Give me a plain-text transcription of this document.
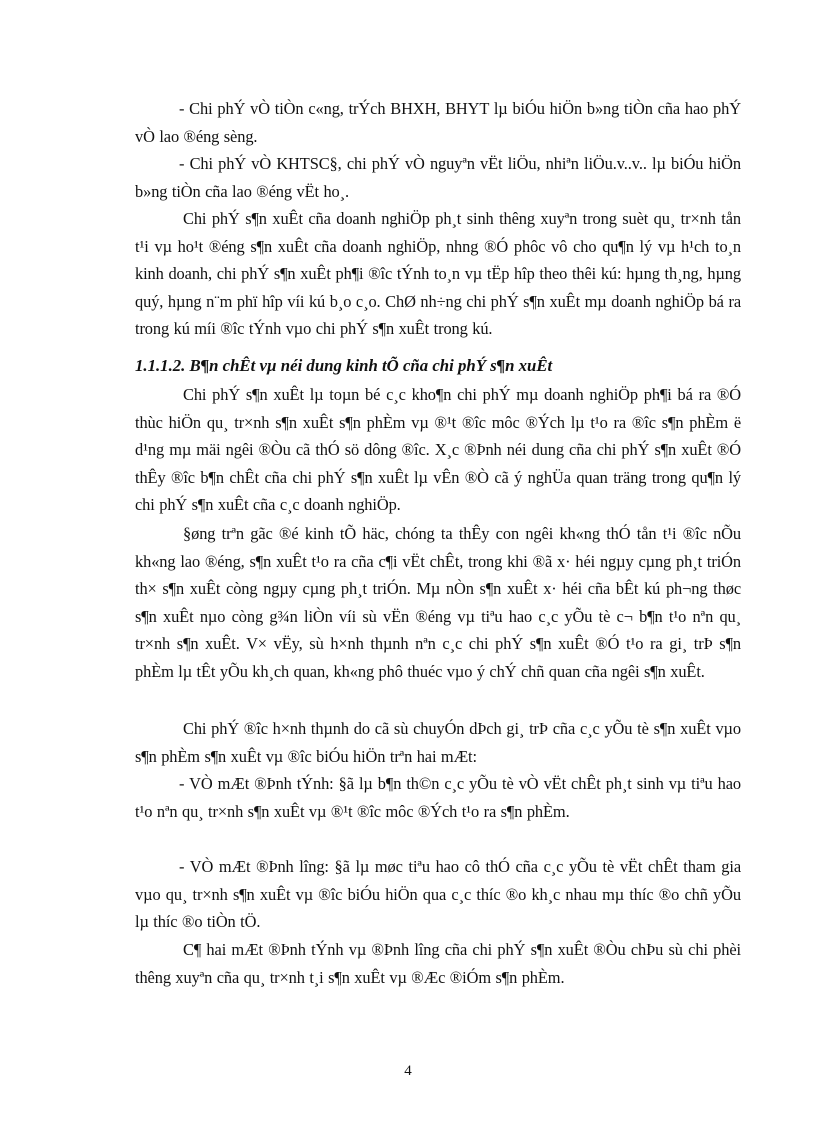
- Chi phÝ vÒ tiÒn c«ng, trÝch BHXH, BHYT lµ biÓu hiÖn b»ng tiÒn cña hao phÝ vÒ lao ®éng sèng.

- Chi phÝ vÒ KHTSC§, chi phÝ vÒ nguyªn vËt liÖu, nhiªn liÖu.v..v.. lµ biÓu hiÖn b»ng tiÒn cña lao ®éng vËt ho¸.

Chi phÝ s¶n xuÊt cña doanh nghiÖp ph¸t sinh thêng xuyªn trong suèt qu¸ tr×nh tån t¹i vµ ho¹t ®éng s¶n xuÊt cña doanh nghiÖp, nhng ®Ó phôc vô cho qu¶n lý vµ h¹ch to¸n kinh doanh, chi phÝ s¶n xuÊt ph¶i ®îc tÝnh to¸n vµ tËp hîp theo thêi kú: hµng th¸ng, hµng quý, hµng n¨m phï hîp víi kú b¸o c¸o. ChØ nh÷ng chi phÝ s¶n xuÊt mµ doanh nghiÖp bá ra trong kú míi ®îc tÝnh vµo chi phÝ s¶n xuÊt trong kú.

1.1.1.2. B¶n chÊt vµ néi dung kinh tÕ cña chi phÝ s¶n xuÊt

Chi phÝ s¶n xuÊt lµ toµn bé c¸c kho¶n chi phÝ mµ doanh nghiÖp ph¶i bá ra ®Ó thùc hiÖn qu¸ tr×nh s¶n xuÊt s¶n phÈm vµ ®¹t ®îc môc ®Ých lµ t¹o ra ®îc s¶n phÈm ë d¹ng mµ mäi ngêi ®Òu cã thÓ sö dông ®îc. X¸c ®Þnh néi dung cña chi phÝ s¶n xuÊt ®Ó thÊy ®îc b¶n chÊt cña chi phÝ s¶n xuÊt lµ vÊn ®Ò cã ý nghÜa quan träng trong qu¶n lý chi phÝ s¶n xuÊt cña c¸c doanh nghiÖp.

§øng trªn gãc ®é kinh tÕ häc, chóng ta thÊy con ngêi kh«ng thÓ tån t¹i ®îc nÕu kh«ng lao ®éng, s¶n xuÊt t¹o ra cña c¶i vËt chÊt, trong khi ®ã x· héi ngµy cµng ph¸t triÓn th× s¶n xuÊt còng ngµy cµng ph¸t triÓn. Mµ nÒn s¶n xuÊt x· héi cña bÊt kú ph¬ng thøc s¶n xuÊt nµo còng g¾n liÒn víi sù vËn ®éng vµ tiªu hao c¸c yÕu tè c¬ b¶n t¹o nªn qu¸ tr×nh s¶n xuÊt. V× vËy, sù h×nh thµnh nªn c¸c chi phÝ s¶n xuÊt ®Ó t¹o ra gi¸ trÞ s¶n phÈm lµ tÊt yÕu kh¸ch quan, kh«ng phô thuéc vµo ý chÝ chñ quan cña ngêi s¶n xuÊt.

Chi phÝ ®îc h×nh thµnh do cã sù chuyÓn dÞch gi¸ trÞ cña c¸c yÕu tè s¶n xuÊt vµo s¶n phÈm s¶n xuÊt vµ ®îc biÓu hiÖn trªn hai mÆt:

- VÒ mÆt ®Þnh tÝnh: §ã lµ b¶n th©n c¸c yÕu tè vÒ vËt chÊt ph¸t sinh vµ tiªu hao t¹o nªn qu¸ tr×nh s¶n xuÊt vµ ®¹t ®îc môc ®Ých t¹o ra s¶n phÈm.

- VÒ mÆt ®Þnh lîng: §ã lµ møc tiªu hao cô thÓ cña c¸c yÕu tè vËt chÊt tham gia vµo qu¸ tr×nh s¶n xuÊt vµ ®îc biÓu hiÖn qua c¸c thíc ®o kh¸c nhau mµ thíc ®o chñ yÕu lµ thíc ®o tiÒn tÖ.

C¶ hai mÆt ®Þnh tÝnh vµ ®Þnh lîng cña chi phÝ s¶n xuÊt ®Òu chÞu sù chi phèi thêng xuyªn cña qu¸ tr×nh t¸i s¶n xuÊt vµ ®Æc ®iÓm s¶n phÈm.

4
